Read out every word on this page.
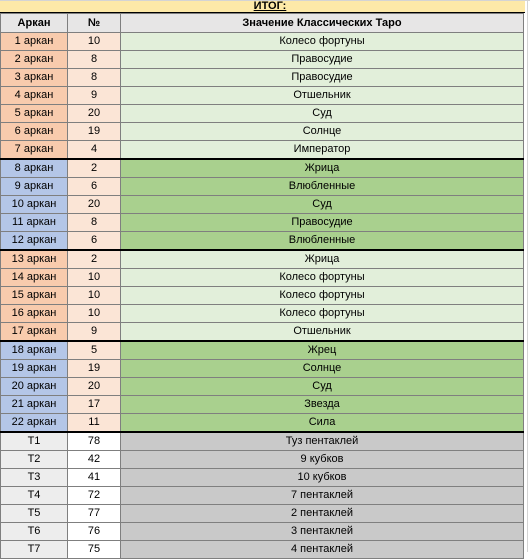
ИТОГ:
Аркан	№	Значение Классических Таро
1 аркан	10	Колесо фортуны
2 аркан	8	Правосудие
3 аркан	8	Правосудие
4 аркан	9	Отшельник
5 аркан	20	Суд
6 аркан	19	Солнце
7 аркан	4	Император
8 аркан	2	Жрица
9 аркан	6	Влюбленные
10 аркан	20	Суд
11 аркан	8	Правосудие
12 аркан	6	Влюбленные
13 аркан	2	Жрица
14 аркан	10	Колесо фортуны
15 аркан	10	Колесо фортуны
16 аркан	10	Колесо фортуны
17 аркан	9	Отшельник
18 аркан	5	Жрец
19 аркан	19	Солнце
20 аркан	20	Суд
21 аркан	17	Звезда
22 аркан	11	Сила
Т1	78	Туз пентаклей
Т2	42	9 кубков
Т3	41	10 кубков
Т4	72	7 пентаклей
Т5	77	2 пентаклей
Т6	76	3 пентаклей
Т7	75	4 пентаклей
